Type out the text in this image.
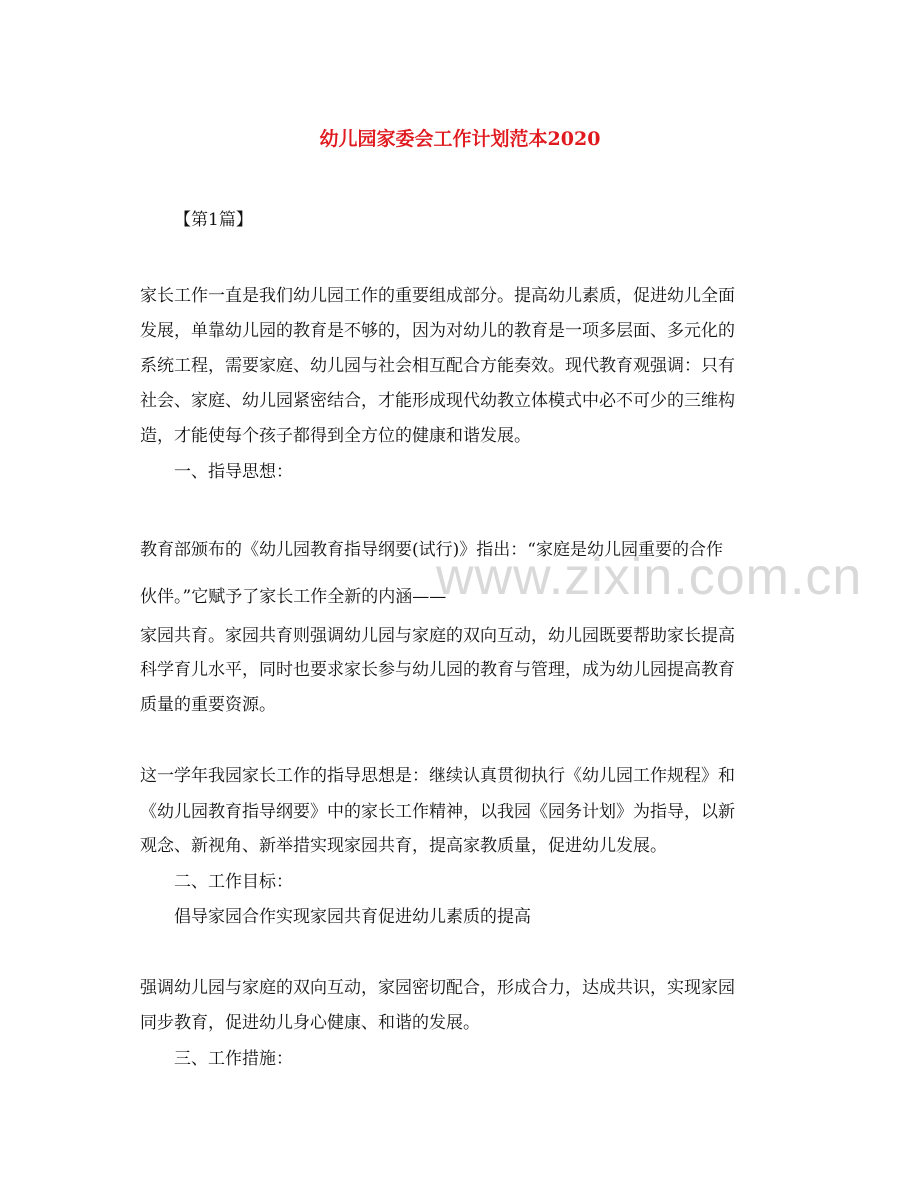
www.zixin.com.cn
幼儿园家委会工作计划范本2020
【第1篇】
家长工作一直是我们幼儿园工作的重要组成部分。提高幼儿素质，促进幼儿全面
发展，单靠幼儿园的教育是不够的，因为对幼儿的教育是一项多层面、多元化的
系统工程，需要家庭、幼儿园与社会相互配合方能奏效。现代教育观强调：只有
社会、家庭、幼儿园紧密结合，才能形成现代幼教立体模式中必不可少的三维构
造，才能使每个孩子都得到全方位的健康和谐发展。
一、指导思想：
教育部颁布的《幼儿园教育指导纲要(试行)》指出：“家庭是幼儿园重要的合作
伙伴。”它赋予了家长工作全新的内涵——
家园共育。家园共育则强调幼儿园与家庭的双向互动，幼儿园既要帮助家长提高
科学育儿水平，同时也要求家长参与幼儿园的教育与管理，成为幼儿园提高教育
质量的重要资源。
这一学年我园家长工作的指导思想是：继续认真贯彻执行《幼儿园工作规程》和
《幼儿园教育指导纲要》中的家长工作精神，以我园《园务计划》为指导，以新
观念、新视角、新举措实现家园共育，提高家教质量，促进幼儿发展。
二、工作目标：
倡导家园合作实现家园共育促进幼儿素质的提高
强调幼儿园与家庭的双向互动，家园密切配合，形成合力，达成共识，实现家园
同步教育，促进幼儿身心健康、和谐的发展。
三、工作措施：
